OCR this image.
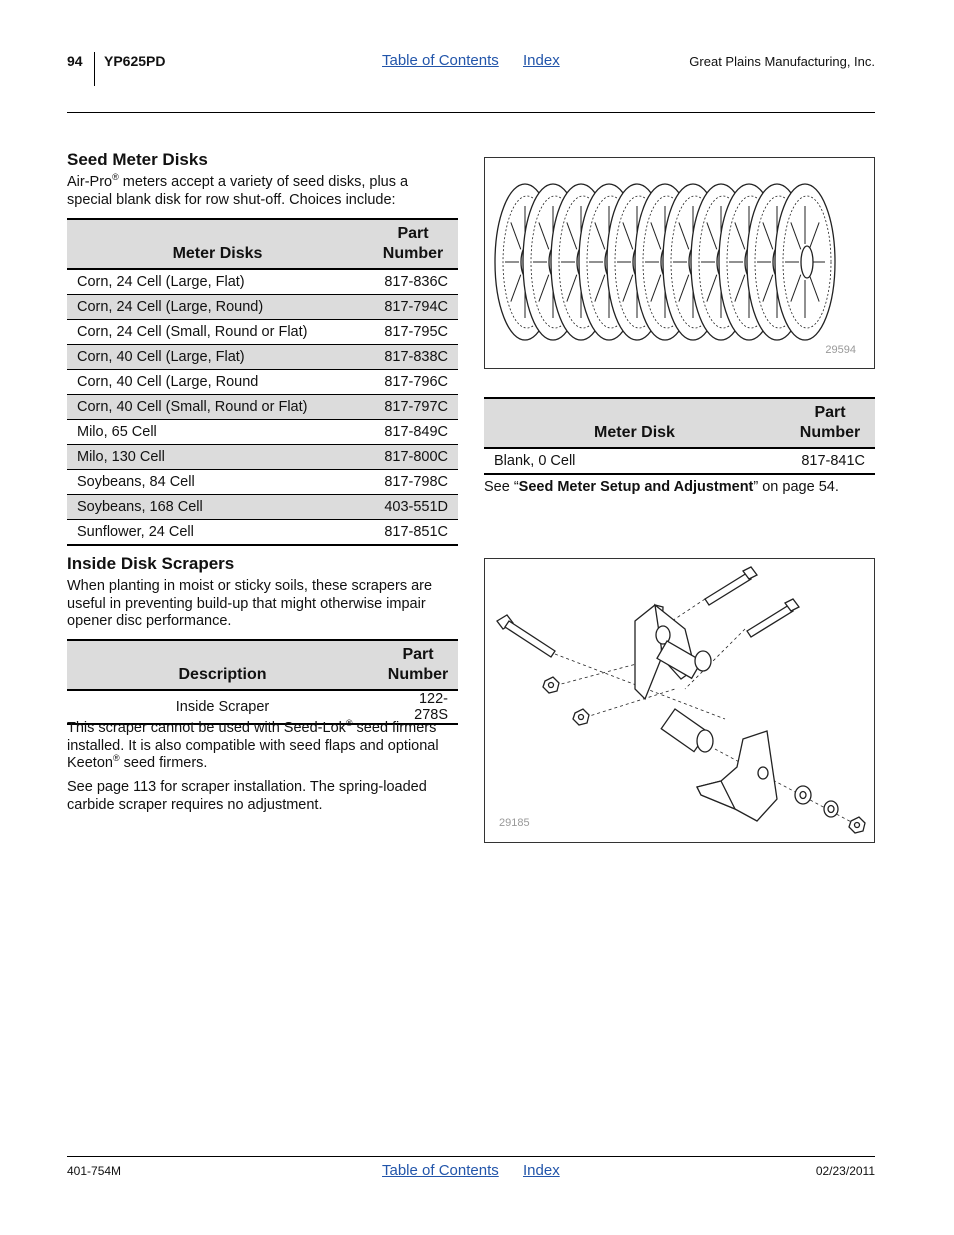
94 YP625PD	Table of Contents Index	Great Plains Manufacturing, Inc.
Seed Meter Disks

Air-Pro® meters accept a variety of seed disks, plus a special blank disk for row shut-off. Choices include:

Meter Disks	Part
Number
Corn, 24 Cell (Large, Flat)	817-836C
Corn, 24 Cell (Large, Round)	817-794C
Corn, 24 Cell (Small, Round or Flat)	817-795C
Corn, 40 Cell (Large, Flat)	817-838C
Corn, 40 Cell (Large, Round	817-796C
Corn, 40 Cell (Small, Round or Flat)	817-797C
Milo, 65 Cell	817-849C
Milo, 130 Cell	817-800C
Soybeans, 84 Cell	817-798C
Soybeans, 168 Cell	403-551D
Sunflower, 24 Cell	817-851C
Inside Disk Scrapers

When planting in moist or sticky soils, these scrapers are useful in preventing build-up that might otherwise impair opener disc performance.

Description	Part
Number
Inside Scraper	122-278S

This scraper cannot be used with Seed-Lok® seed firmers installed. It is also compatible with seed flaps and optional Keeton® seed firmers.

See page 113 for scraper installation. The spring-loaded carbide scraper requires no adjustment.

29594
Meter Disk	Part
Number
Blank, 0 Cell	817-841C

See “Seed Meter Setup and Adjustment” on page 54.

29185
401-754M	Table of Contents Index	02/23/2011
